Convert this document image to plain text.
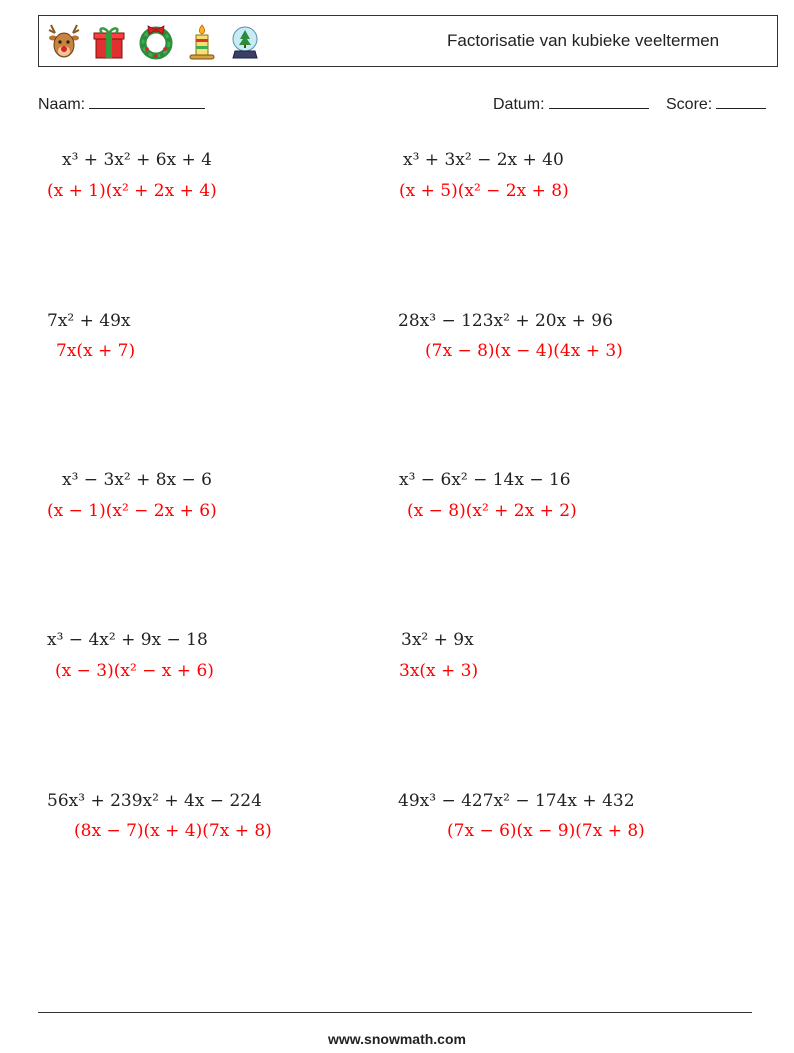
Factorisatie van kubieke veeltermen
Naam:	Datum:	Score:
x³ + 3x² + 6x + 4
(x + 1)(x² + 2x + 4)
x³ + 3x² − 2x + 40
(x + 5)(x² − 2x + 8)
7x² + 49x
7x(x + 7)
28x³ − 123x² + 20x + 96
(7x − 8)(x − 4)(4x + 3)
x³ − 3x² + 8x − 6
(x − 1)(x² − 2x + 6)
x³ − 6x² − 14x − 16
(x − 8)(x² + 2x + 2)
x³ − 4x² + 9x − 18
(x − 3)(x² − x + 6)
3x² + 9x
3x(x + 3)
56x³ + 239x² + 4x − 224
(8x − 7)(x + 4)(7x + 8)
49x³ − 427x² − 174x + 432
(7x − 6)(x − 9)(7x + 8)
www.snowmath.com
